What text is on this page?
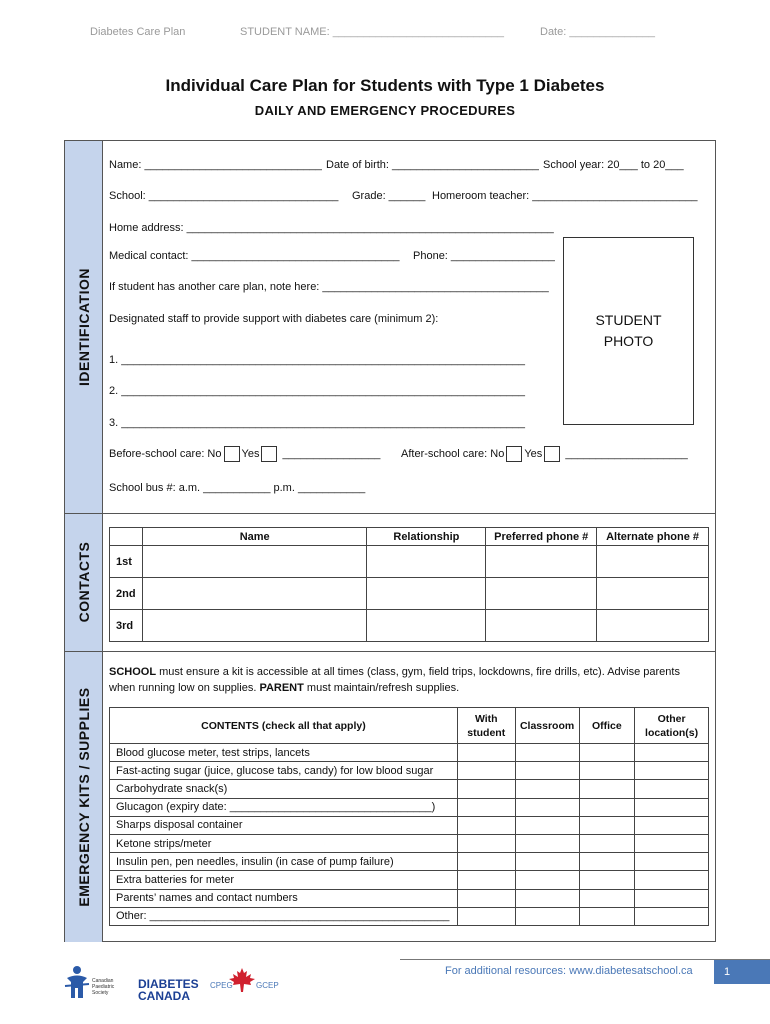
Diabetes Care Plan	STUDENT NAME: ____________________________	Date: ______________
Individual Care Plan for Students with Type 1 Diabetes
DAILY AND EMERGENCY PROCEDURES
IDENTIFICATION
CONTACTS
EMERGENCY KITS / SUPPLIES
Name: _____________________________ Date of birth: ________________________ School year: 20___ to 20___
School: _______________________________ Grade: ______ Homeroom teacher: ___________________________
Home address: ____________________________________________________________
Medical contact: __________________________________ Phone: _________________
If student has another care plan, note here: _____________________________________
Designated staff to provide support with diabetes care (minimum 2):
1. __________________________________________________________________
2. __________________________________________________________________
3. __________________________________________________________________
STUDENT
PHOTO
Before-school care: No Yes ________________ After-school care: No Yes ____________________
School bus #: a.m. ___________ p.m. ___________
	Name	Relationship	Preferred phone #	Alternate phone #
1st				
2nd				
3rd				
SCHOOL must ensure a kit is accessible at all times (class, gym, field trips, lockdowns, fire drills, etc). Advise parents when running low on supplies. PARENT must maintain/refresh supplies.
CONTENTS (check all that apply)	With student	Classroom	Office	Other location(s)
Blood glucose meter, test strips, lancets				
Fast-acting sugar (juice, glucose tabs, candy) for low blood sugar				
Carbohydrate snack(s)				
Glucagon (expiry date: _________________________________)				
Sharps disposal container				
Ketone strips/meter				
Insulin pen, pen needles, insulin (in case of pump failure)				
Extra batteries for meter				
Parents’ names and contact numbers				
Other: _________________________________________________				
Canadian
Paediatric
Society
DIABETES
CANADA
CPEG	GCEP
For additional resources: www.diabetesatschool.ca	1
